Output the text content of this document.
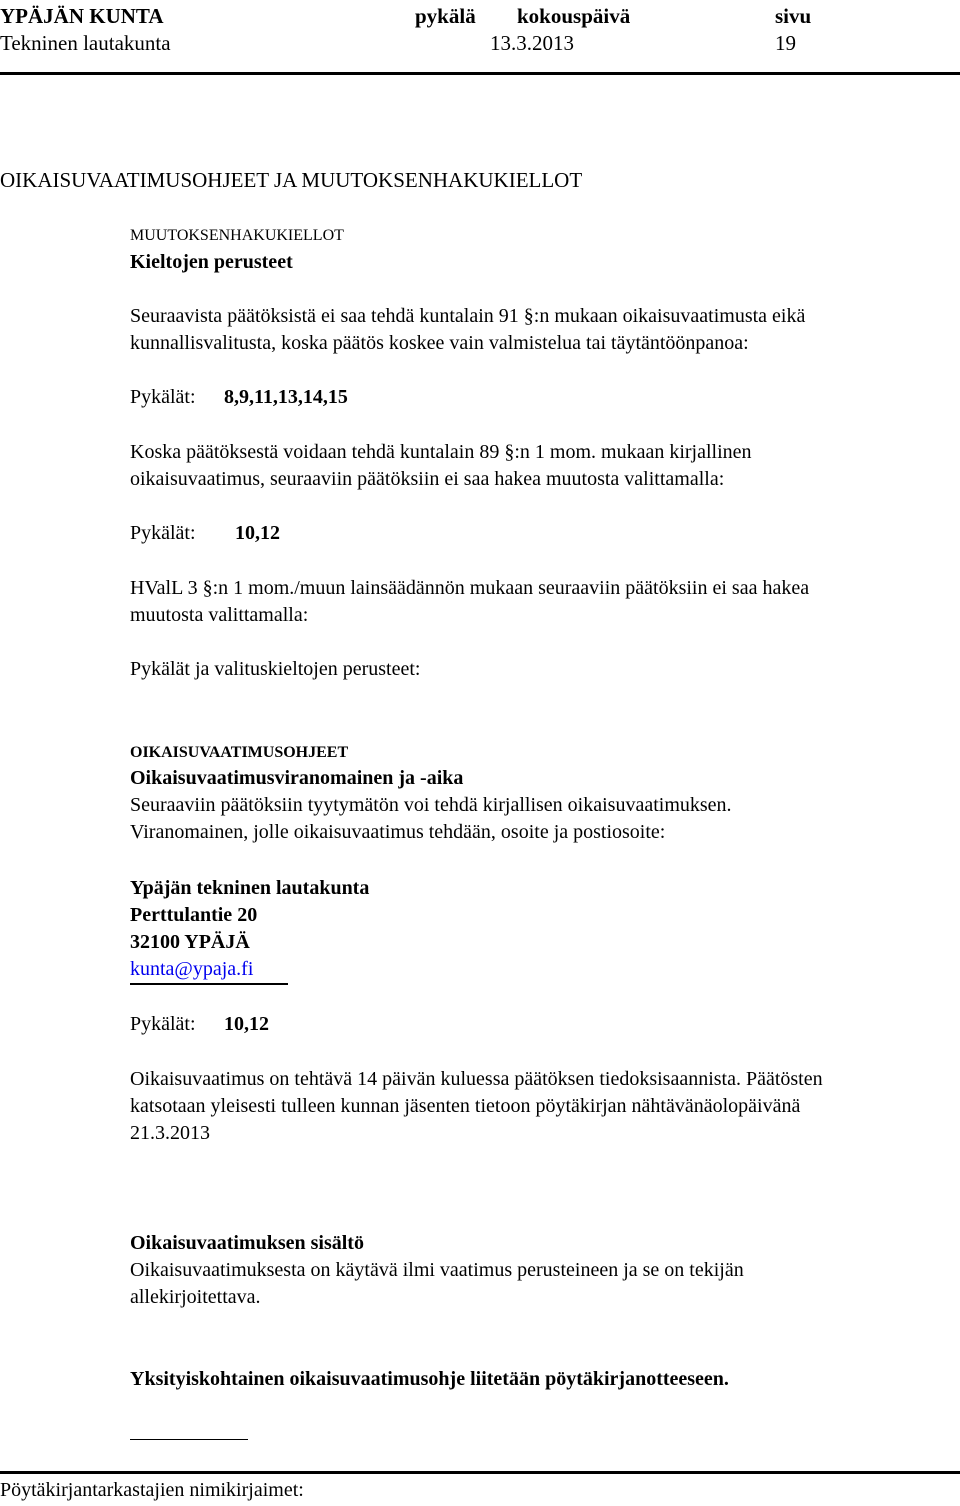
YPÄJÄN KUNTA	pykälä kokouspäivä	sivu
Tekninen lautakunta	13.3.2013	19
OIKAISUVAATIMUSOHJEET JA MUUTOKSENHAKUKIELLOT
MUUTOKSENHAKUKIELLOT
Kieltojen perusteet
Seuraavista päätöksistä ei saa tehdä kuntalain 91 §:n mukaan oikaisuvaatimusta eikä
kunnallisvalitusta, koska päätös koskee vain valmistelua tai täytäntöönpanoa:
Pykälät: 8,9,11,13,14,15
Koska päätöksestä voidaan tehdä kuntalain 89 §:n 1 mom. mukaan kirjallinen
oikaisuvaatimus, seuraaviin päätöksiin ei saa hakea muutosta valittamalla:
Pykälät: 10,12
HValL 3 §:n 1 mom./muun lainsäädännön mukaan seuraaviin päätöksiin ei saa hakea
muutosta valittamalla:
Pykälät ja valituskieltojen perusteet:
OIKAISUVAATIMUSOHJEET
Oikaisuvaatimusviranomainen ja -aika
Seuraaviin päätöksiin tyytymätön voi tehdä kirjallisen oikaisuvaatimuksen.
Viranomainen, jolle oikaisuvaatimus tehdään, osoite ja postiosoite:
Ypäjän tekninen lautakunta
Perttulantie 20
32100 YPÄJÄ
kunta@ypaja.fi
Pykälät: 10,12
Oikaisuvaatimus on tehtävä 14 päivän kuluessa päätöksen tiedoksisaannista. Päätösten
katsotaan yleisesti tulleen kunnan jäsenten tietoon pöytäkirjan nähtävänäolopäivänä
21.3.2013
Oikaisuvaatimuksen sisältö
Oikaisuvaatimuksesta on käytävä ilmi vaatimus perusteineen ja se on tekijän
allekirjoitettava.
Yksityiskohtainen oikaisuvaatimusohje liitetään pöytäkirjanotteeseen.
Pöytäkirjantarkastajien nimikirjaimet:
